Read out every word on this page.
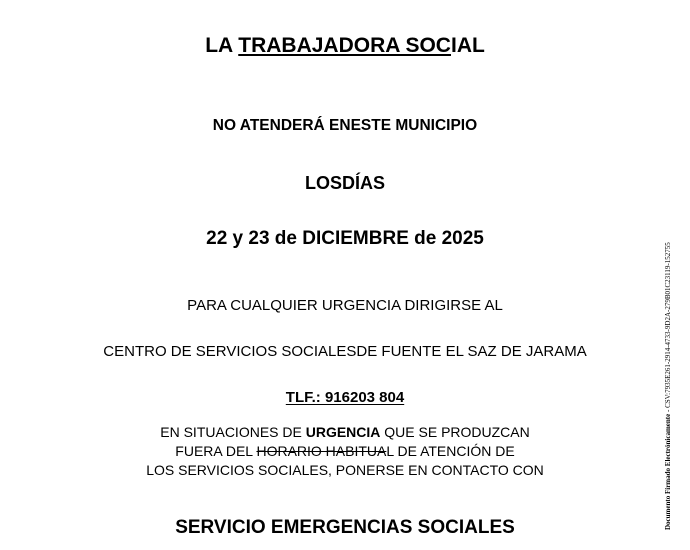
LA TRABAJADORA SOCIAL
NO ATENDERÁ ENESTE MUNICIPIO
LOSDÍAS
22 y 23 de DICIEMBRE de 2025
PARA CUALQUIER URGENCIA DIRIGIRSE AL
CENTRO DE SERVICIOS SOCIALESDE FUENTE EL SAZ DE JARAMA
TLF.: 916203 804
EN SITUACIONES DE URGENCIA QUE SE PRODUZCAN
FUERA DEL HORARIO HABITUAL DE ATENCIÓN DE
LOS SERVICIOS SOCIALES, PONERSE EN CONTACTO CON
SERVICIO EMERGENCIAS SOCIALES	Documento Firmado Electrónicamente - CSV:7935E261-2914-4733-9D2A-279B01C23119-152755
